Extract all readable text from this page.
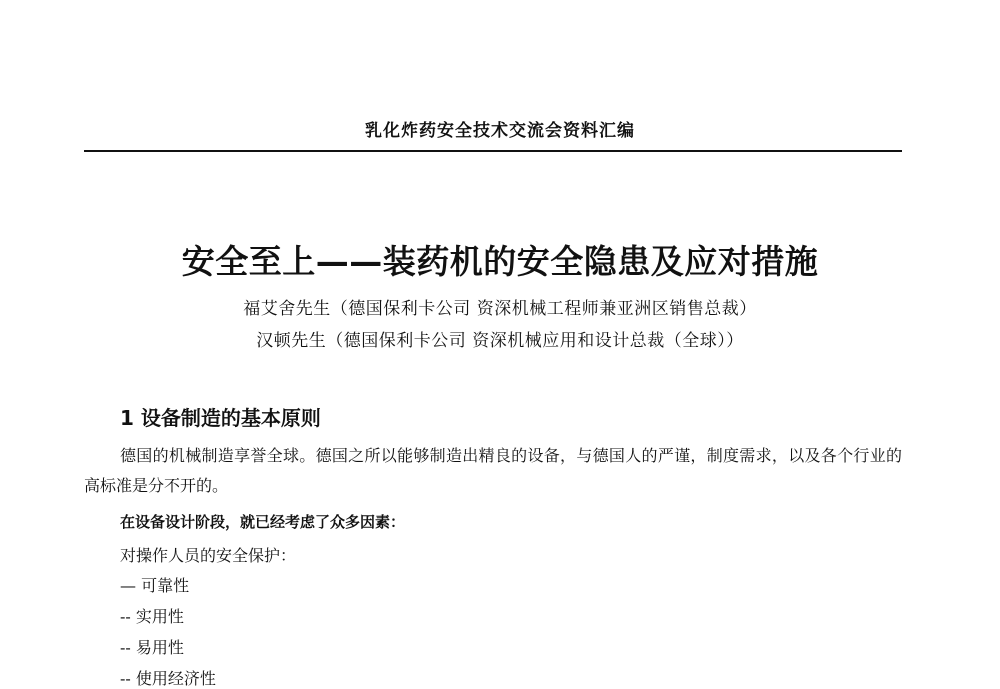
乳化炸药安全技术交流会资料汇编
安全至上——装药机的安全隐患及应对措施
福艾舍先生（德国保利卡公司 资深机械工程师兼亚洲区销售总裁）
汉顿先生（德国保利卡公司 资深机械应用和设计总裁（全球））
1 设备制造的基本原则
德国的机械制造享誉全球。德国之所以能够制造出精良的设备，与德国人的严谨，制度需求，以及各个行业的高标准是分不开的。
在设备设计阶段，就已经考虑了众多因素：
对操作人员的安全保护：
— 可靠性
-- 实用性
-- 易用性
-- 使用经济性
